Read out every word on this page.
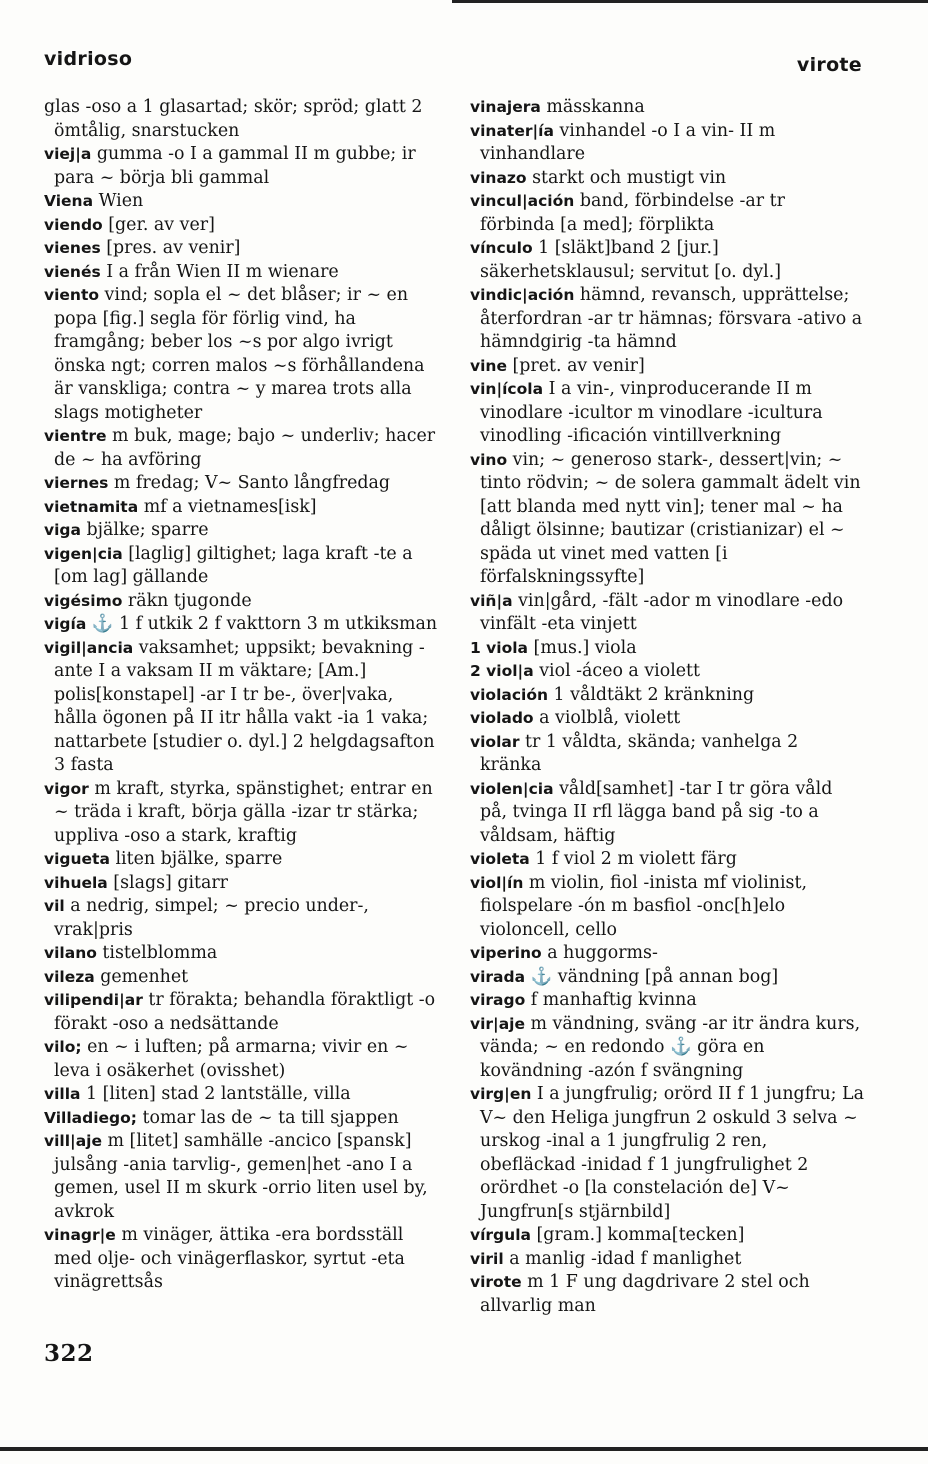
vidrioso	virote
glas -oso a 1 glasartad; skör; spröd; glatt 2 ömtålig, snarstucken
viej|a gumma -o I a gammal II m gubbe; ir para ~ börja bli gammal
Viena Wien
viendo [ger. av ver]
vienes [pres. av venir]
vienés I a från Wien II m wienare
viento vind; sopla el ~ det blåser; ir ~ en popa [fig.] segla för förlig vind, ha framgång; beber los ~s por algo ivrigt önska ngt; corren malos ~s förhållandena är vanskliga; contra ~ y marea trots alla slags motigheter
vientre m buk, mage; bajo ~ underliv; hacer de ~ ha avföring
viernes m fredag; V~ Santo långfredag
vietnamita mf a vietnames[isk]
viga bjälke; sparre
vigen|cia [laglig] giltighet; laga kraft -te a [om lag] gällande
vigésimo räkn tjugonde
vigía ⚓ 1 f utkik 2 f vakttorn 3 m utkiksman
vigil|ancia vaksamhet; uppsikt; bevakning -ante I a vaksam II m väktare; [Am.] polis[konstapel] -ar I tr be-, över|vaka, hålla ögonen på II itr hålla vakt -ia 1 vaka; nattarbete [studier o. dyl.] 2 helgdagsafton 3 fasta
vigor m kraft, styrka, spänstighet; entrar en ~ träda i kraft, börja gälla -izar tr stärka; uppliva -oso a stark, kraftig
vigueta liten bjälke, sparre
vihuela [slags] gitarr
vil a nedrig, simpel; ~ precio under-, vrak|pris
vilano tistelblomma
vileza gemenhet
vilipendi|ar tr förakta; behandla föraktligt -o förakt -oso a nedsättande
vilo; en ~ i luften; på armarna; vivir en ~ leva i osäkerhet (ovisshet)
villa 1 [liten] stad 2 lantställe, villa
Villadiego; tomar las de ~ ta till sjappen
vill|aje m [litet] samhälle -ancico [spansk] julsång -ania tarvlig-, gemen|het -ano I a gemen, usel II m skurk -orrio liten usel by, avkrok
vinagr|e m vinäger, ättika -era bordsställ med olje- och vinägerflaskor, syrtut -eta vinägrettsås
vinajera mässkanna
vinater|ía vinhandel -o I a vin- II m vinhandlare
vinazo starkt och mustigt vin
vincul|ación band, förbindelse -ar tr förbinda [a med]; förplikta
vínculo 1 [släkt]band 2 [jur.] säkerhetsklausul; servitut [o. dyl.]
vindic|ación hämnd, revansch, upprättelse; återfordran -ar tr hämnas; försvara -ativo a hämndgirig -ta hämnd
vine [pret. av venir]
vin|ícola I a vin-, vinproducerande II m vinodlare -icultor m vinodlare -icultura vinodling -ificación vintillverkning
vino vin; ~ generoso stark-, dessert|vin; ~ tinto rödvin; ~ de solera gammalt ädelt vin [att blanda med nytt vin]; tener mal ~ ha dåligt ölsinne; bautizar (cristianizar) el ~ späda ut vinet med vatten [i förfalskningssyfte]
viñ|a vin|gård, -fält -ador m vinodlare -edo vinfält -eta vinjett
1 viola [mus.] viola
2 viol|a viol -áceo a violett
violación 1 våldtäkt 2 kränkning
violado a violblå, violett
violar tr 1 våldta, skända; vanhelga 2 kränka
violen|cia våld[samhet] -tar I tr göra våld på, tvinga II rfl lägga band på sig -to a våldsam, häftig
violeta 1 f viol 2 m violett färg
viol|ín m violin, fiol -inista mf violinist, fiolspelare -ón m basfiol -onc[h]elo violoncell, cello
viperino a huggorms-
virada ⚓ vändning [på annan bog]
virago f manhaftig kvinna
vir|aje m vändning, sväng -ar itr ändra kurs, vända; ~ en redondo ⚓ göra en kovändning -azón f svängning
virg|en I a jungfrulig; orörd II f 1 jungfru; La V~ den Heliga jungfrun 2 oskuld 3 selva ~ urskog -inal a 1 jungfrulig 2 ren, obefläckad -inidad f 1 jungfrulighet 2 orördhet -o [la constelación de] V~ Jungfrun[s stjärnbild]
vírgula [gram.] komma[tecken]
viril a manlig -idad f manlighet
virote m 1 F ung dagdrivare 2 stel och allvarlig man
322
